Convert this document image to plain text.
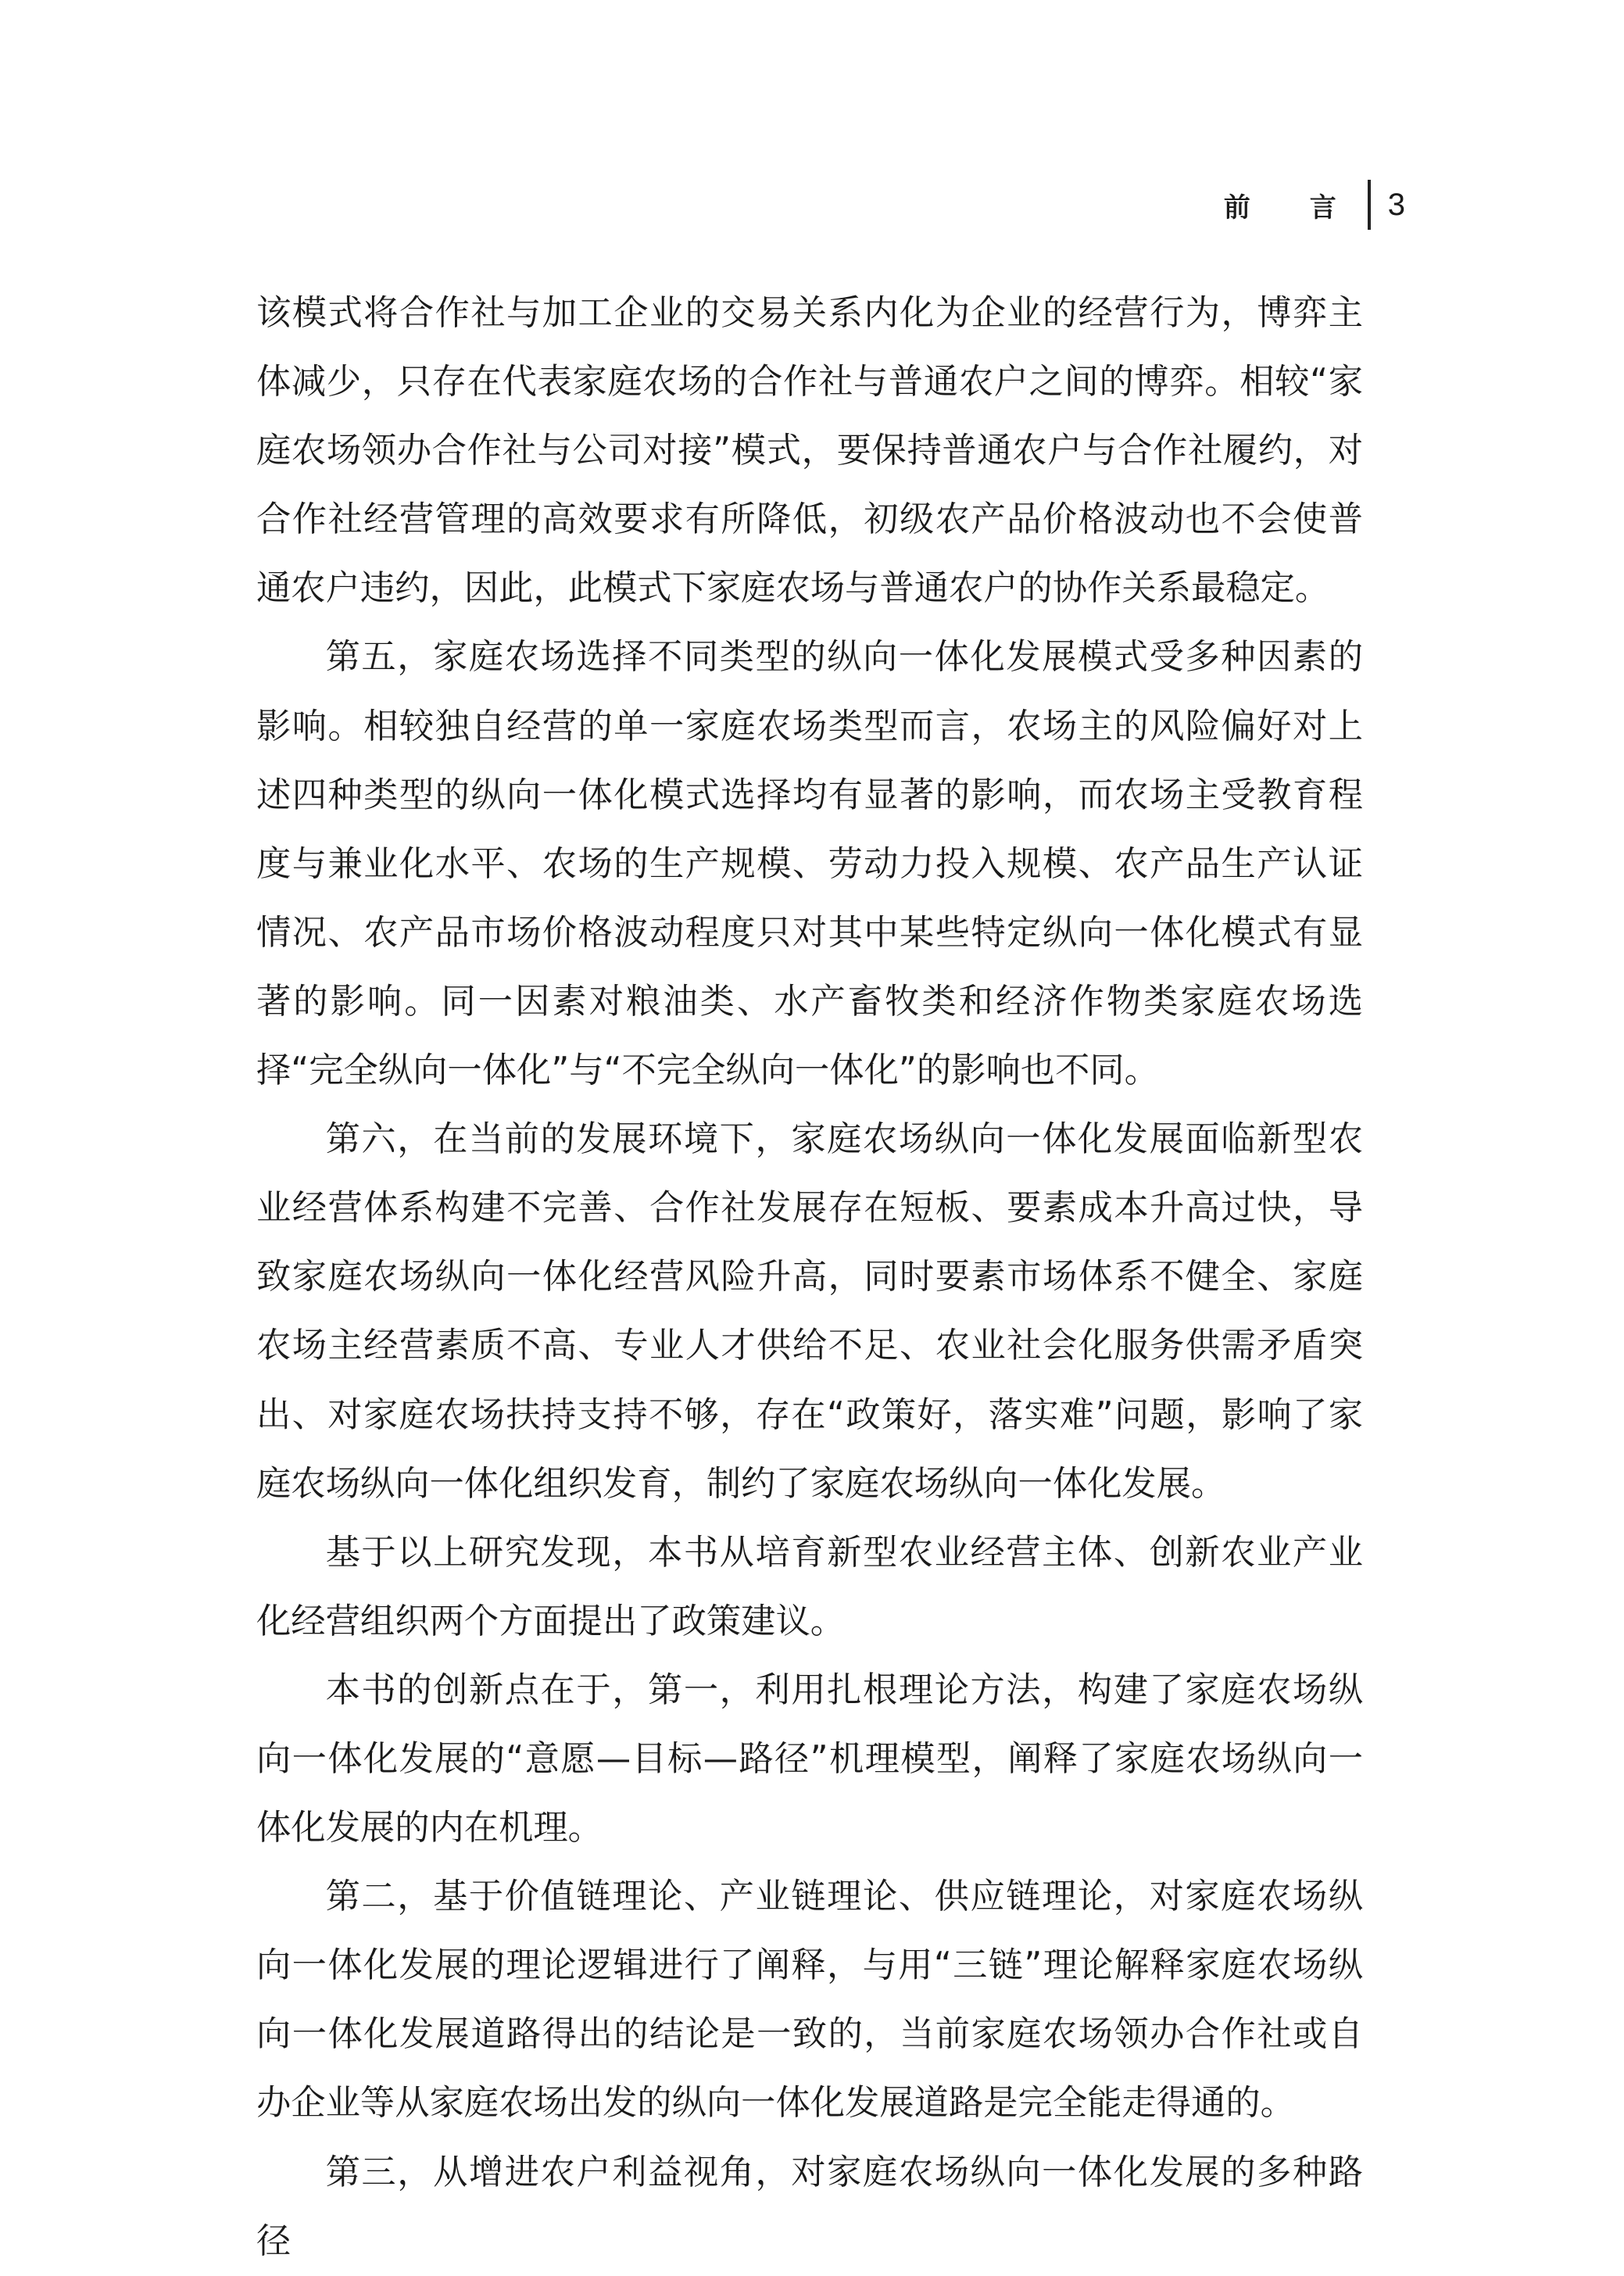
前 言 3

该模式将合作社与加工企业的交易关系内化为企业的经营行为，博弈主体减少，只存在代表家庭农场的合作社与普通农户之间的博弈。相较“家庭农场领办合作社与公司对接”模式，要保持普通农户与合作社履约，对合作社经营管理的高效要求有所降低，初级农产品价格波动也不会使普通农户违约，因此，此模式下家庭农场与普通农户的协作关系最稳定。

第五，家庭农场选择不同类型的纵向一体化发展模式受多种因素的影响。相较独自经营的单一家庭农场类型而言，农场主的风险偏好对上述四种类型的纵向一体化模式选择均有显著的影响，而农场主受教育程度与兼业化水平、农场的生产规模、劳动力投入规模、农产品生产认证情况、农产品市场价格波动程度只对其中某些特定纵向一体化模式有显著的影响。同一因素对粮油类、水产畜牧类和经济作物类家庭农场选择“完全纵向一体化”与“不完全纵向一体化”的影响也不同。

第六，在当前的发展环境下，家庭农场纵向一体化发展面临新型农业经营体系构建不完善、合作社发展存在短板、要素成本升高过快，导致家庭农场纵向一体化经营风险升高，同时要素市场体系不健全、家庭农场主经营素质不高、专业人才供给不足、农业社会化服务供需矛盾突出、对家庭农场扶持支持不够，存在“政策好，落实难”问题，影响了家庭农场纵向一体化组织发育，制约了家庭农场纵向一体化发展。

基于以上研究发现，本书从培育新型农业经营主体、创新农业产业化经营组织两个方面提出了政策建议。

本书的创新点在于，第一，利用扎根理论方法，构建了家庭农场纵向一体化发展的“意愿—目标—路径”机理模型，阐释了家庭农场纵向一体化发展的内在机理。

第二，基于价值链理论、产业链理论、供应链理论，对家庭农场纵向一体化发展的理论逻辑进行了阐释，与用“三链”理论解释家庭农场纵向一体化发展道路得出的结论是一致的，当前家庭农场领办合作社或自办企业等从家庭农场出发的纵向一体化发展道路是完全能走得通的。

第三，从增进农户利益视角，对家庭农场纵向一体化发展的多种路径
